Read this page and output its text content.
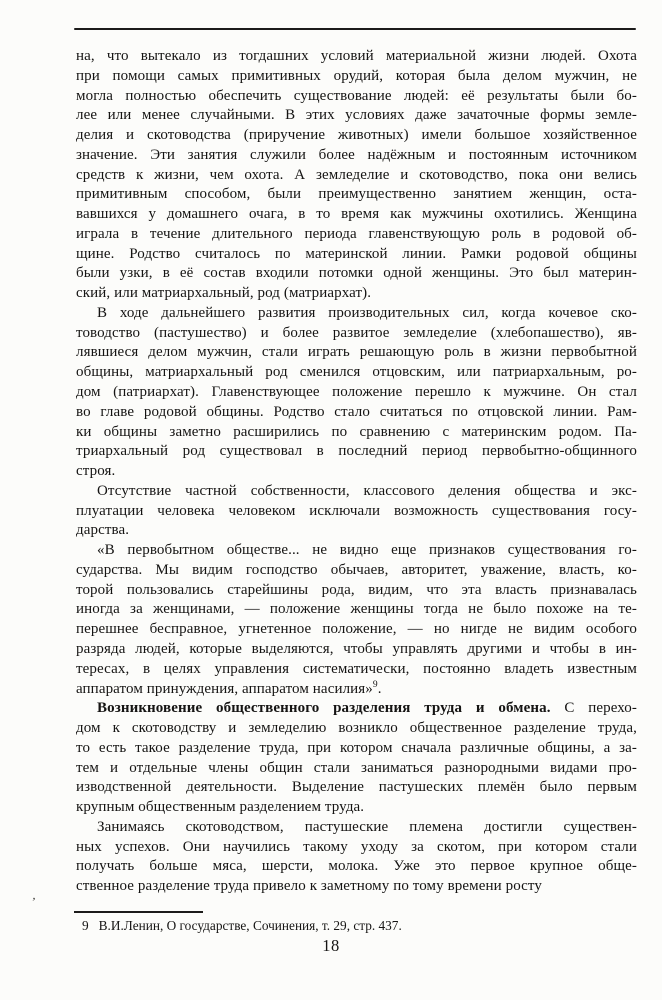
на, что вытекало из тогдашних условий материальной жизни людей. Охота
при помощи самых примитивных орудий, которая была делом мужчин, не
могла полностью обеспечить существование людей: её результаты были бо-
лее или менее случайными. В этих условиях даже зачаточные формы земле-
делия и скотоводства (приручение животных) имели большое хозяйственное
значение. Эти занятия служили более надёжным и постоянным источником
средств к жизни, чем охота. А земледелие и скотоводство, пока они велись
примитивным способом, были преимущественно занятием женщин, оста-
вавшихся у домашнего очага, в то время как мужчины охотились. Женщина
играла в течение длительного периода главенствующую роль в родовой об-
щине. Родство считалось по материнской линии. Рамки родовой общины
были узки, в её состав входили потомки одной женщины. Это был материн-
ский, или матриархальный, род (матриархат).

В ходе дальнейшего развития производительных сил, когда кочевое ско-
товодство (пастушество) и более развитое земледелие (хлебопашество), яв-
лявшиеся делом мужчин, стали играть решающую роль в жизни первобытной
общины, матриархальный род сменился отцовским, или патриархальным, ро-
дом (патриархат). Главенствующее положение перешло к мужчине. Он стал
во главе родовой общины. Родство стало считаться по отцовской линии. Рам-
ки общины заметно расширились по сравнению с материнским родом. Па-
триархальный род существовал в последний период первобытно-общинного
строя.

Отсутствие частной собственности, классового деления общества и экс-
плуатации человека человеком исключали возможность существования госу-
дарства.

«В первобытном обществе... не видно еще признаков существования го-
сударства. Мы видим господство обычаев, авторитет, уважение, власть, ко-
торой пользовались старейшины рода, видим, что эта власть признавалась
иногда за женщинами, — положение женщины тогда не было похоже на те-
перешнее бесправное, угнетенное положение, — но нигде не видим особого
разряда людей, которые выделяются, чтобы управлять другими и чтобы в ин-
тересах, в целях управления систематически, постоянно владеть известным
аппаратом принуждения, аппаратом насилия»$^9$.

Возникновение общественного разделения труда и обмена. С перехо-
дом к скотоводству и земледелию возникло общественное разделение труда,
то есть такое разделение труда, при котором сначала различные общины, а за-
тем и отдельные члены общин стали заниматься разнородными видами про-
изводственной деятельности. Выделение пастушеских племён было первым
крупным общественным разделением труда.

Занимаясь скотоводством, пастушеские племена достигли существен-
ных успехов. Они научились такому уходу за скотом, при котором стали
получать больше мяса, шерсти, молока. Уже это первое крупное обще-
ственное разделение труда привело к заметному по тому времени росту

,
9 В.И.Ленин, О государстве, Сочинения, т. 29, стр. 437.
18
